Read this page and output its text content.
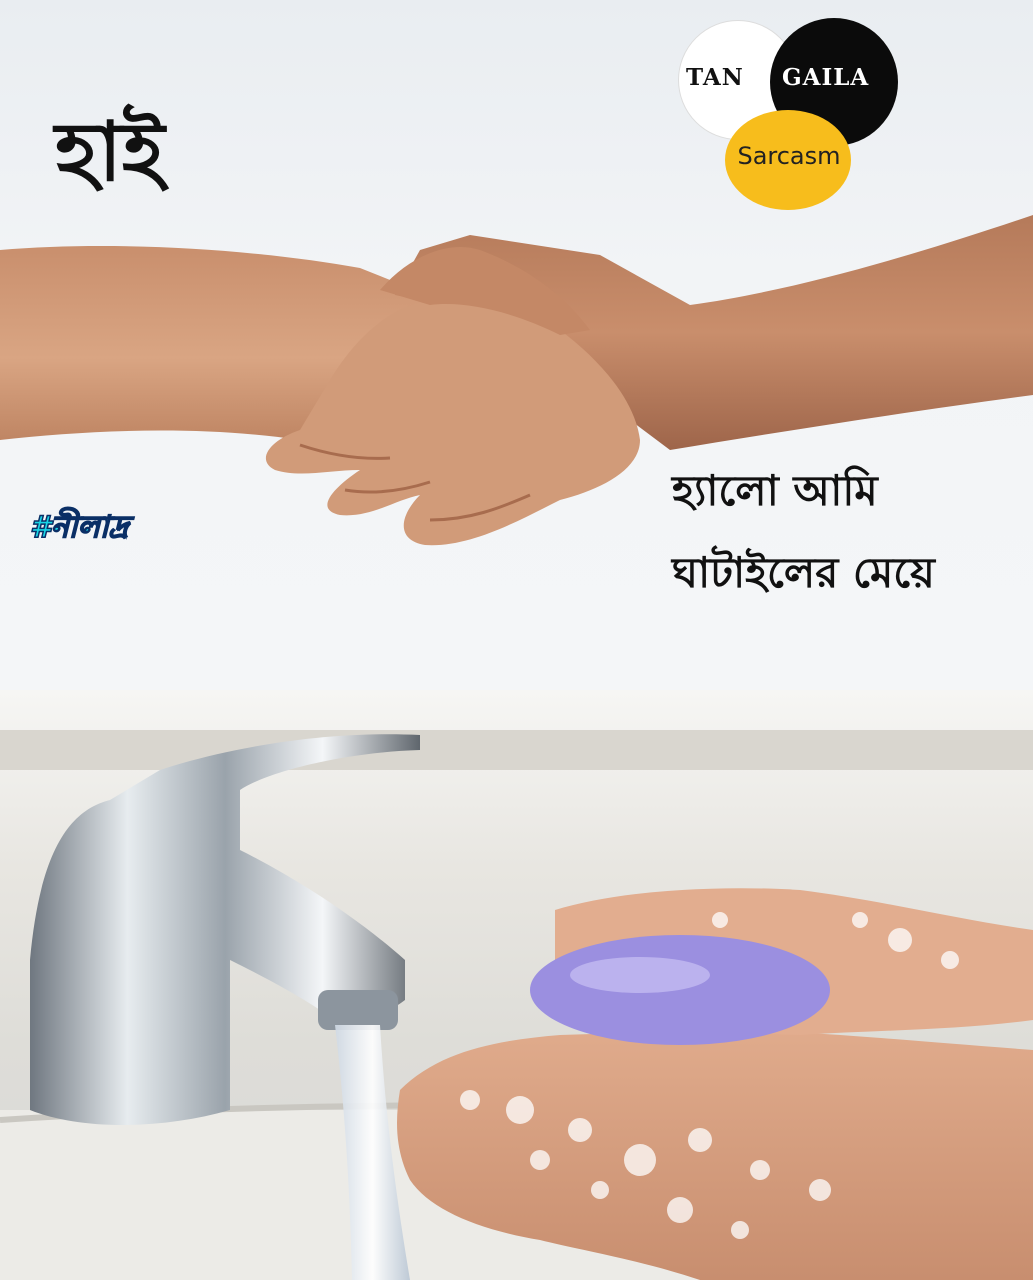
হাই
#নীলাদ্র
হ্যালো আমি
ঘাটাইলের মেয়ে
TAN GAILA
Sarcasm
